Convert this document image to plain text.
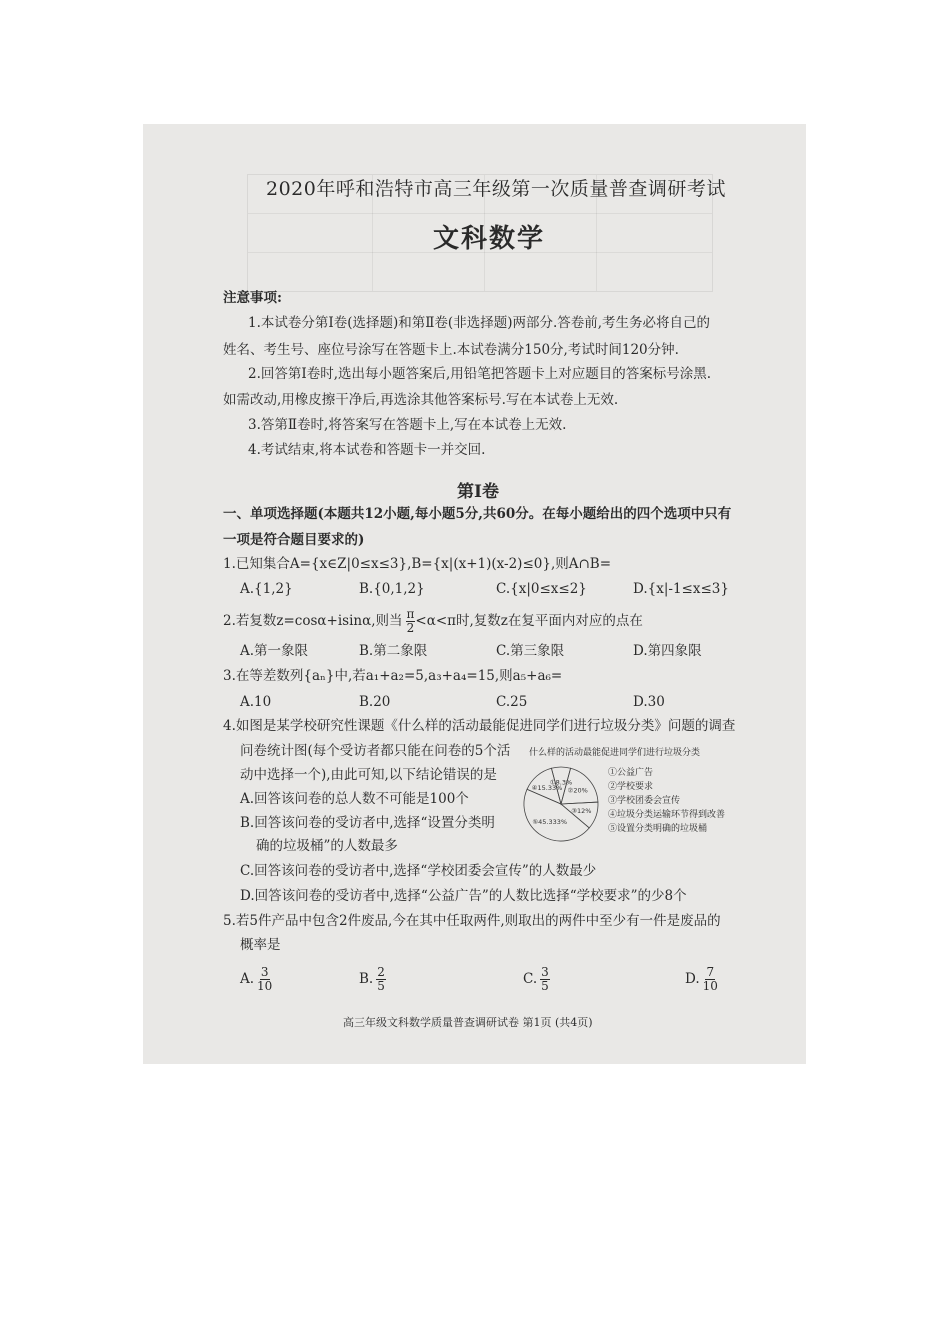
2020年呼和浩特市高三年级第一次质量普查调研考试
文科数学
注意事项:
1.本试卷分第Ⅰ卷(选择题)和第Ⅱ卷(非选择题)两部分.答卷前,考生务必将自己的
姓名、考生号、座位号涂写在答题卡上.本试卷满分150分,考试时间120分钟.
2.回答第Ⅰ卷时,选出每小题答案后,用铅笔把答题卡上对应题目的答案标号涂黑.
如需改动,用橡皮擦干净后,再选涂其他答案标号.写在本试卷上无效.
3.答第Ⅱ卷时,将答案写在答题卡上,写在本试卷上无效.
4.考试结束,将本试卷和答题卡一并交回.
第Ⅰ卷
一、单项选择题(本题共12小题,每小题5分,共60分。在每小题给出的四个选项中只有
一项是符合题目要求的)
1.已知集合A={x∈Z|0≤x≤3},B={x|(x+1)(x-2)≤0},则A∩B=
A.{1,2}	B.{0,1,2}	C.{x|0≤x≤2}	D.{x|-1≤x≤3}
2.若复数z=cosα+isinα,则当 $\frac{\pi}{2} <\alpha<\pi$时,复数z在复平面内对应的点在
A.第一象限	B.第二象限	C.第三象限	D.第四象限
3.在等差数列{aₙ}中,若a₁+a₂=5,a₃+a₄=15,则a₅+a₆=
A.10	B.20	C.25	D.30
4.如图是某学校研究性课题《什么样的活动最能促进同学们进行垃圾分类》问题的调查
问卷统计图(每个受访者都只能在问卷的5个活
动中选择一个),由此可知,以下结论错误的是
A.回答该问卷的总人数不可能是100个
B.回答该问卷的受访者中,选择“设置分类明
确的垃圾桶”的人数最多
C.回答该问卷的受访者中,选择“学校团委会宣传”的人数最少
D.回答该问卷的受访者中,选择“公益广告”的人数比选择“学校要求”的少8个
什么样的活动最能促进同学们进行垃圾分类
①8.3%
②20%
③12%
⑤45.333%
④15.33%
①公益广告
②学校要求
③学校团委会宣传
④垃圾分类运输环节得到改善
⑤设置分类明确的垃圾桶
5.若5件产品中包含2件废品,今在其中任取两件,则取出的两件中至少有一件是废品的
概率是
A. $\frac{3}{10}$	B. $\frac{2}{5}$	C. $\frac{3}{5}$	D. $\frac{7}{10}$
高三年级文科数学质量普查调研试卷 第1页 (共4页)
